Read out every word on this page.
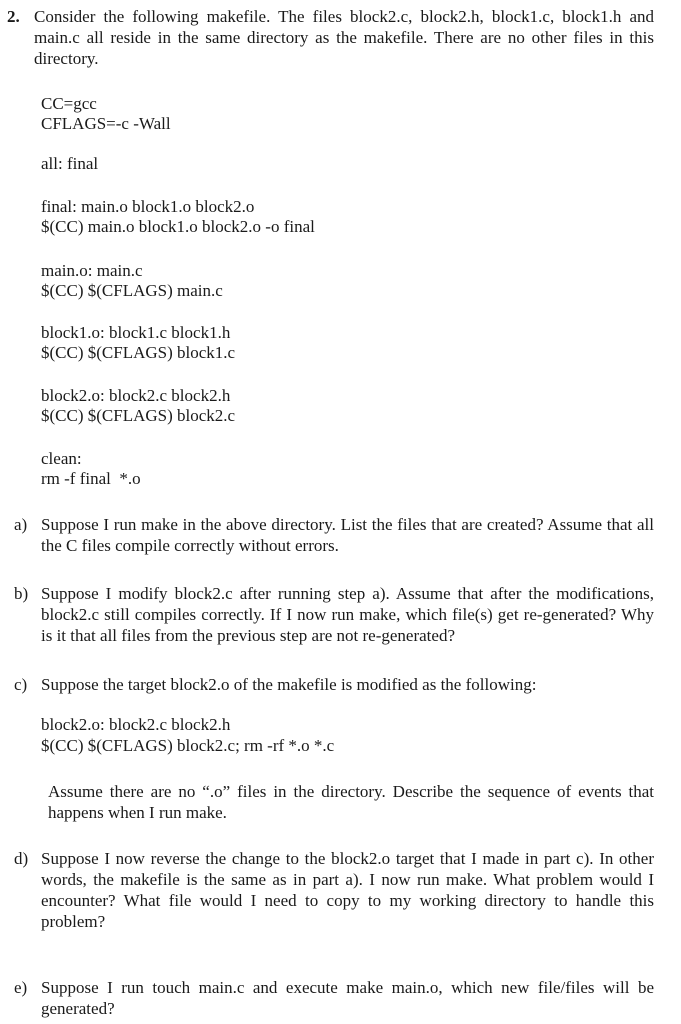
2. Consider the following makefile. The files block2.c, block2.h, block1.c, block1.h and main.c all reside in the same directory as the makefile. There are no other files in this directory.
CC=gcc
CFLAGS=-c -Wall
all: final
final: main.o block1.o block2.o
$(CC) main.o block1.o block2.o -o final
main.o: main.c
$(CC) $(CFLAGS) main.c
block1.o: block1.c block1.h
$(CC) $(CFLAGS) block1.c
block2.o: block2.c block2.h
$(CC) $(CFLAGS) block2.c
clean:
rm -f final  *.o
a) Suppose I run make in the above directory. List the files that are created? Assume that all the C files compile correctly without errors.
b) Suppose I modify block2.c after running step a). Assume that after the modifications, block2.c still compiles correctly. If I now run make, which file(s) get re-generated? Why is it that all files from the previous step are not re-generated?
c) Suppose the target block2.o of the makefile is modified as the following:
block2.o: block2.c block2.h
$(CC) $(CFLAGS) block2.c; rm -rf *.o *.c
Assume there are no “.o” files in the directory. Describe the sequence of events that happens when I run make.
d) Suppose I now reverse the change to the block2.o target that I made in part c). In other words, the makefile is the same as in part a). I now run make. What problem would I encounter? What file would I need to copy to my working directory to handle this problem?
e) Suppose I run touch main.c and execute make main.o, which new file/files will be generated?
